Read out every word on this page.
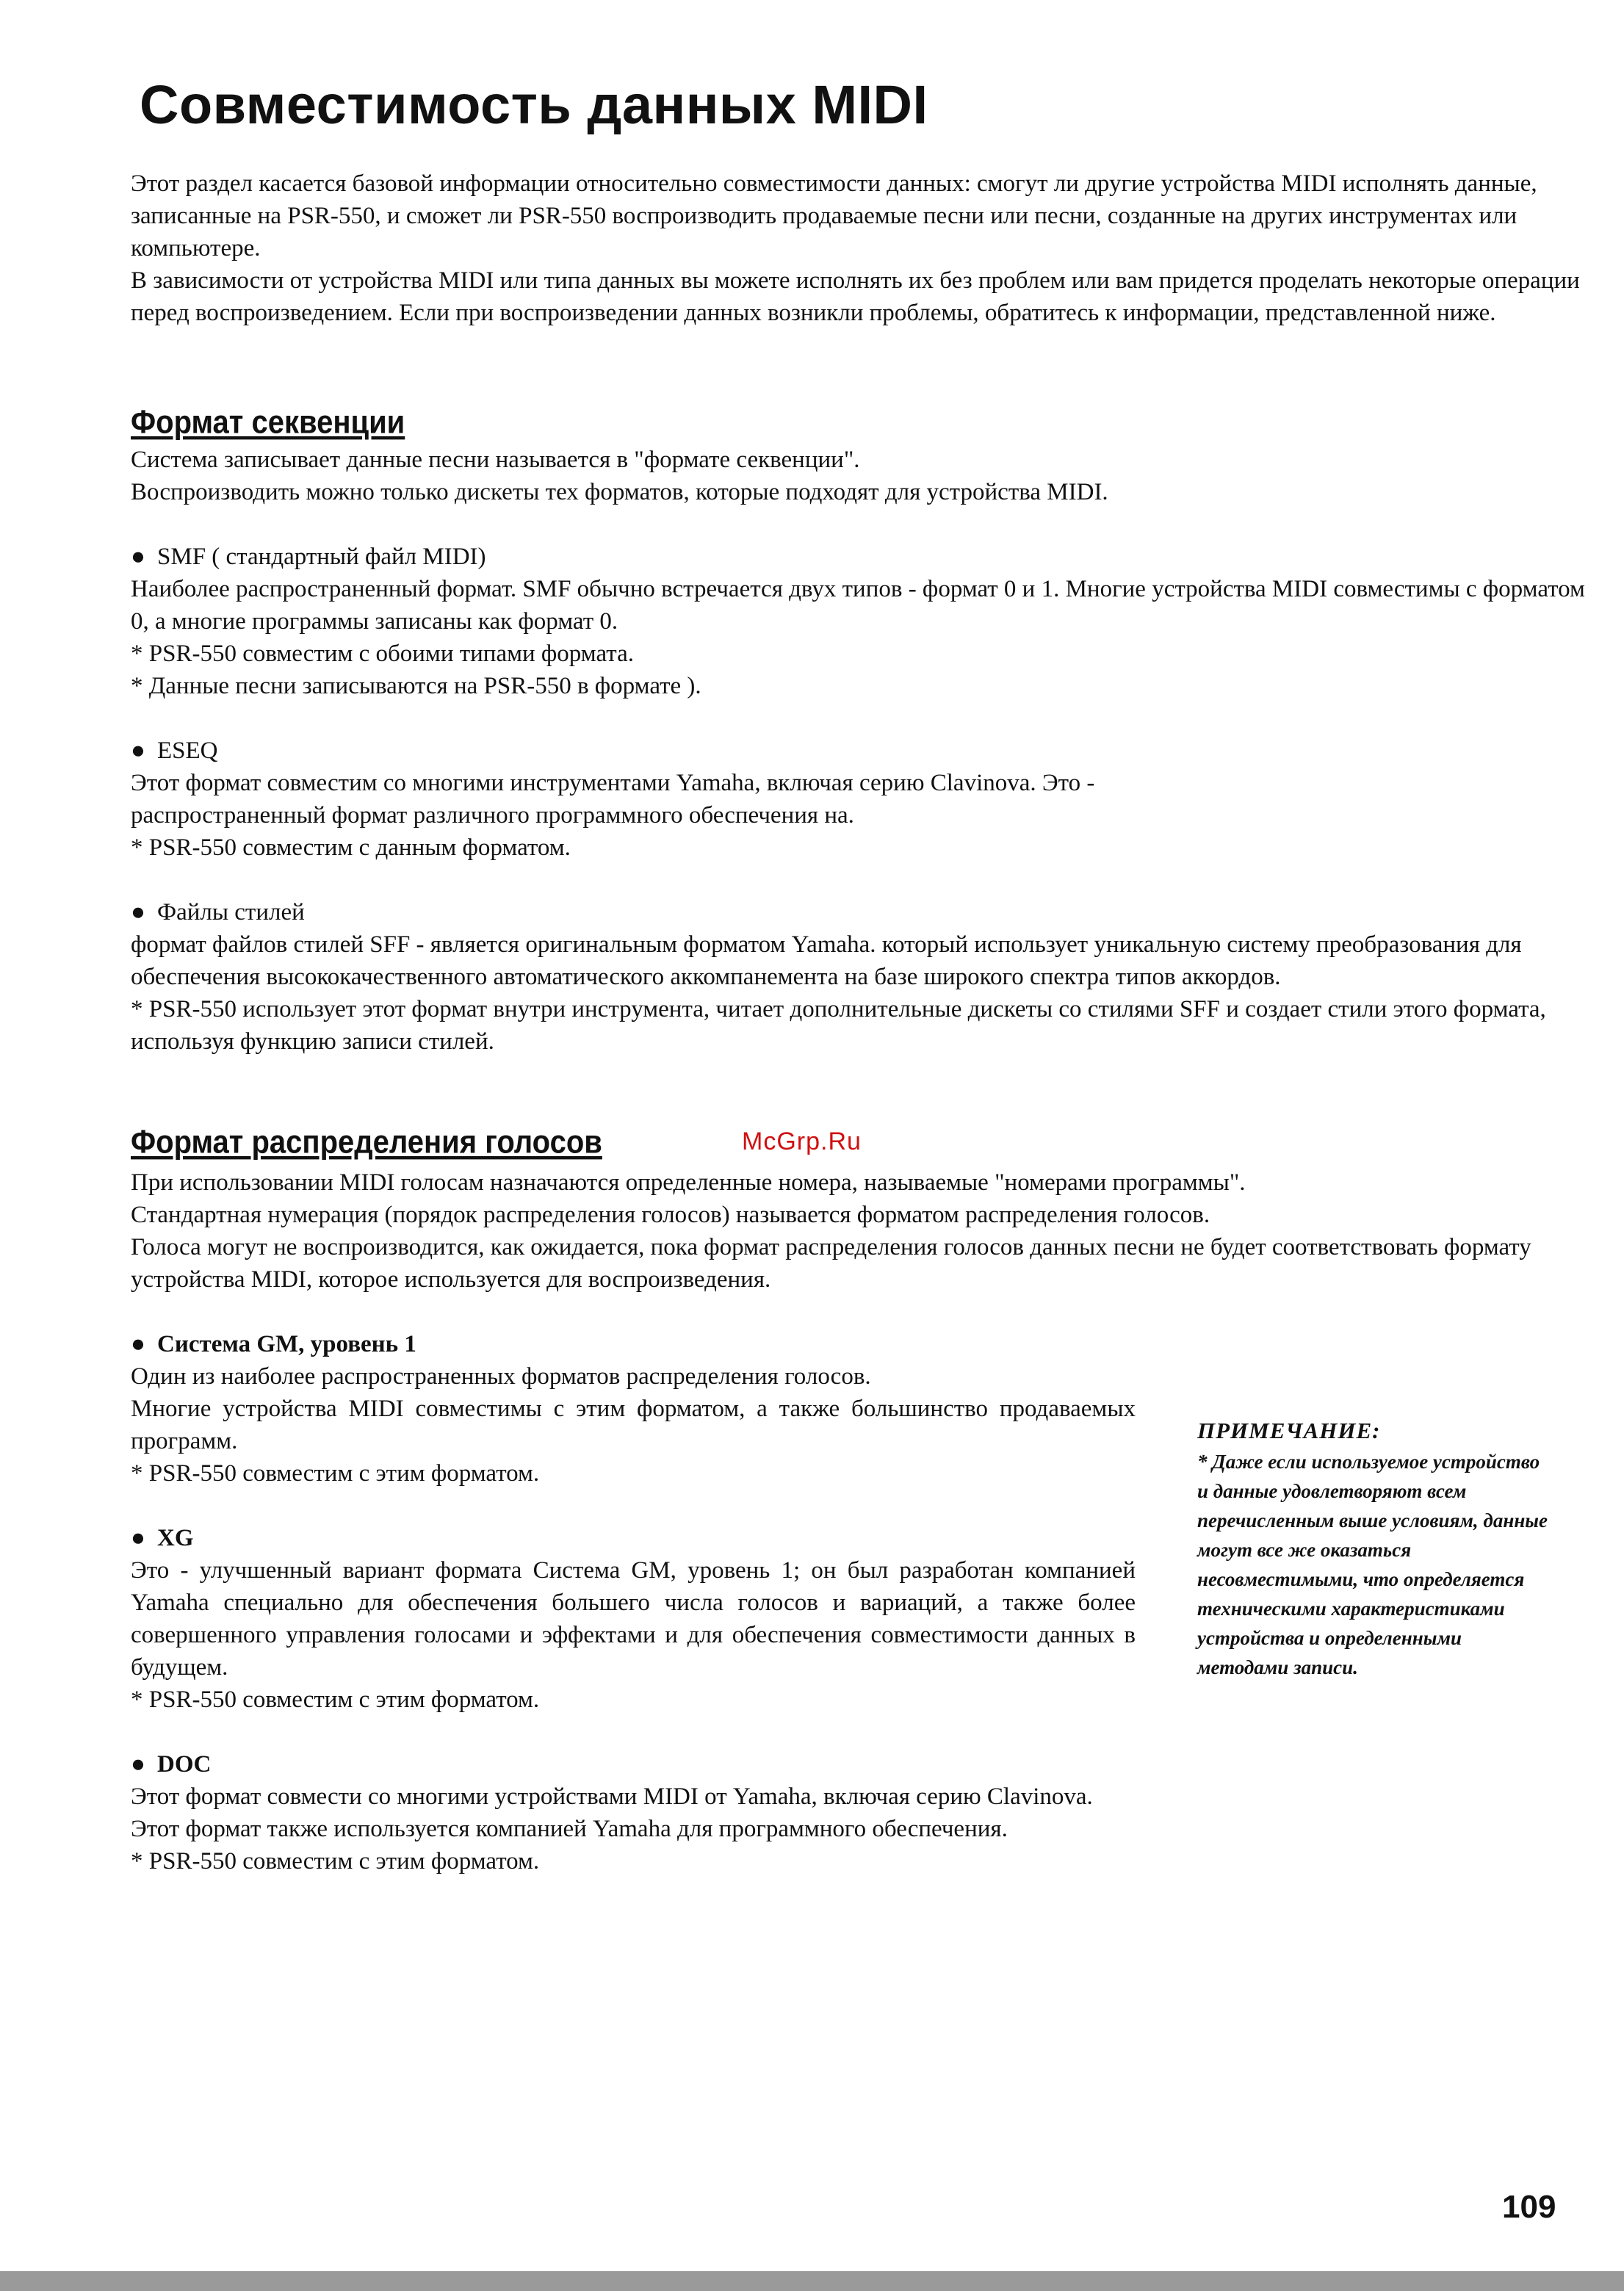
Совместимость данных MIDI

Этот раздел касается базовой информации относительно совместимости данных: смогут ли другие устройства MIDI исполнять данные, записанные на PSR-550, и сможет ли PSR-550 воспроизводить продаваемые песни или песни, созданные на других инструментах или компьютере.

В зависимости от устройства MIDI или типа данных вы можете исполнять их без проблем или вам придется проделать некоторые операции перед воспроизведением. Если при воспроизведении данных возникли проблемы, обратитесь к информации, представленной ниже.

Формат секвенции

Система записывает данные песни называется в "формате секвенции".

Воспроизводить можно только дискеты тех форматов, которые подходят для устройства MIDI.

● SMF ( стандартный файл MIDI)

Наиболее распространенный формат. SMF обычно встречается двух типов - формат 0 и 1. Многие устройства MIDI совместимы с форматом 0, а многие программы записаны как формат 0.

* PSR-550 совместим с обоими типами формата.

* Данные песни записываются на PSR-550 в формате ).

● ESEQ

Этот формат совместим со многими инструментами Yamaha, включая серию Clavinova. Это -

распространенный формат различного программного обеспечения на.

* PSR-550 совместим с данным форматом.

● Файлы стилей

формат файлов стилей SFF - является оригинальным форматом Yamaha. который использует уникальную систему преобразования для обеспечения высококачественного автоматического аккомпанемента на базе широкого спектра типов аккордов.

* PSR-550 использует этот формат внутри инструмента, читает дополнительные дискеты со стилями SFF и создает стили этого формата, используя функцию записи стилей.

Формат распределения голосов	McGrp.Ru

При использовании MIDI голосам назначаются определенные номера, называемые "номерами программы".

Стандартная нумерация (порядок распределения голосов) называется форматом распределения голосов.

Голоса могут не воспроизводится, как ожидается, пока формат распределения голосов данных песни не будет соответствовать формату устройства MIDI, которое используется для воспроизведения.

● Система GM, уровень 1

Один из наиболее распространенных форматов распределения голосов.

Многие устройства MIDI совместимы с этим форматом, а также большинство продаваемых программ.

* PSR-550 совместим с этим форматом.

● XG

Это - улучшенный вариант формата Система GM, уровень 1; он был разработан компанией Yamaha специально для обеспечения большего числа голосов и вариаций, а также более совершенного управления голосами и эффектами и для обеспечения совместимости данных в будущем.

* PSR-550 совместим с этим форматом.

● DOC

Этот формат совмести со многими устройствами MIDI от Yamaha, включая серию Clavinova.

Этот формат также используется компанией Yamaha для программного обеспечения.

* PSR-550 совместим с этим форматом.

ПРИМЕЧАНИЕ:
* Даже если используемое устройство и данные удовлетворяют всем перечисленным выше условиям, данные могут все же оказаться несовместимыми, что определяется техническими характеристиками устройства и определенными методами записи.
109
